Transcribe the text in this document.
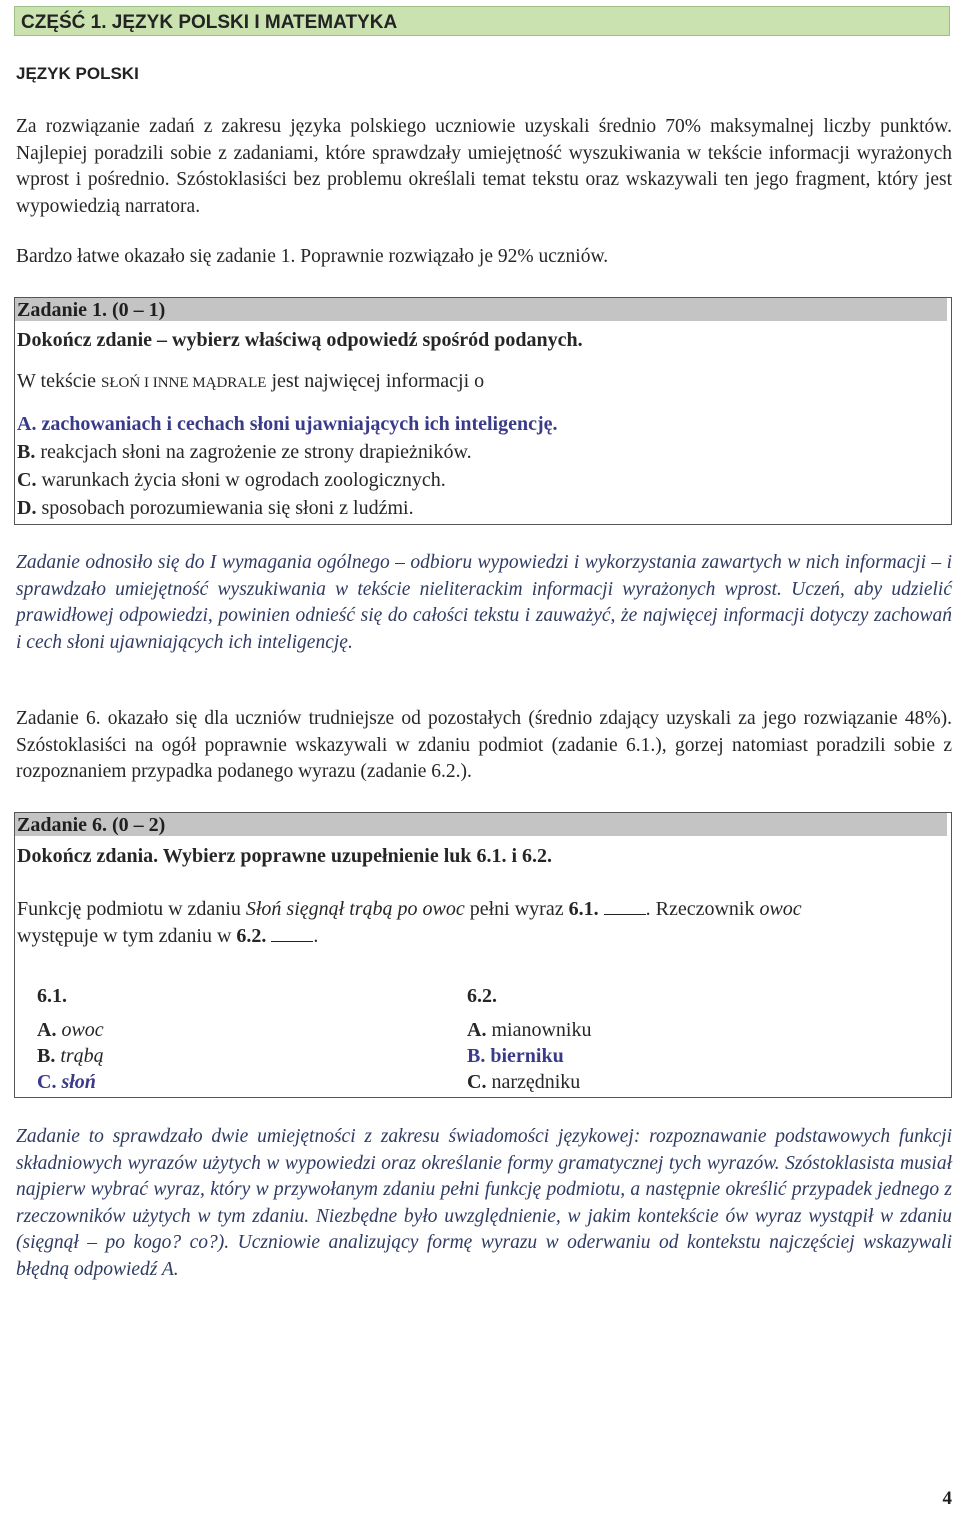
CZĘŚĆ 1. JĘZYK POLSKI I MATEMATYKA
JĘZYK POLSKI
Za rozwiązanie zadań z zakresu języka polskiego uczniowie uzyskali średnio 70% maksymalnej liczby punktów. Najlepiej poradzili sobie z zadaniami, które sprawdzały umiejętność wyszukiwania w tekście informacji wyrażonych wprost i pośrednio. Szóstoklasiści bez problemu określali temat tekstu oraz wskazywali ten jego fragment, który jest wypowiedzią narratora.
Bardzo łatwe okazało się zadanie 1. Poprawnie rozwiązało je 92% uczniów.
Zadanie 1. (0 – 1)
Dokończ zdanie – wybierz właściwą odpowiedź spośród podanych.
W tekście SŁOŃ I INNE MĄDRALE jest najwięcej informacji o
A. zachowaniach i cechach słoni ujawniających ich inteligencję.
B. reakcjach słoni na zagrożenie ze strony drapieżników.
C. warunkach życia słoni w ogrodach zoologicznych.
D. sposobach porozumiewania się słoni z ludźmi.
Zadanie odnosiło się do I wymagania ogólnego – odbioru wypowiedzi i wykorzystania zawartych w nich informacji – i sprawdzało umiejętność wyszukiwania w tekście nieliterackim informacji wyrażonych wprost. Uczeń, aby udzielić prawidłowej odpowiedzi, powinien odnieść się do całości tekstu i zauważyć, że najwięcej informacji dotyczy zachowań i cech słoni ujawniających ich inteligencję.
Zadanie 6. okazało się dla uczniów trudniejsze od pozostałych (średnio zdający uzyskali za jego rozwiązanie 48%). Szóstoklasiści na ogół poprawnie wskazywali w zdaniu podmiot (zadanie 6.1.), gorzej natomiast poradzili sobie z rozpoznaniem przypadka podanego wyrazu (zadanie 6.2.).
Zadanie 6. (0 – 2)
Dokończ zdania. Wybierz poprawne uzupełnienie luk 6.1. i 6.2.
Funkcję podmiotu w zdaniu Słoń sięgnął trąbą po owoc pełni wyraz 6.1. . Rzeczownik owoc
występuje w tym zdaniu w 6.2. .
6.1.	6.2.
A. owoc
B. trąbą
C. słoń
A. mianowniku
B. bierniku
C. narzędniku
Zadanie to sprawdzało dwie umiejętności z zakresu świadomości językowej: rozpoznawanie podstawowych funkcji składniowych wyrazów użytych w wypowiedzi oraz określanie formy gramatycznej tych wyrazów. Szóstoklasista musiał najpierw wybrać wyraz, który w przywołanym zdaniu pełni funkcję podmiotu, a następnie określić przypadek jednego z rzeczowników użytych w tym zdaniu. Niezbędne było uwzględnienie, w jakim kontekście ów wyraz wystąpił w zdaniu (sięgnął – po kogo? co?). Uczniowie analizujący formę wyrazu w oderwaniu od kontekstu najczęściej wskazywali błędną odpowiedź A.
4
